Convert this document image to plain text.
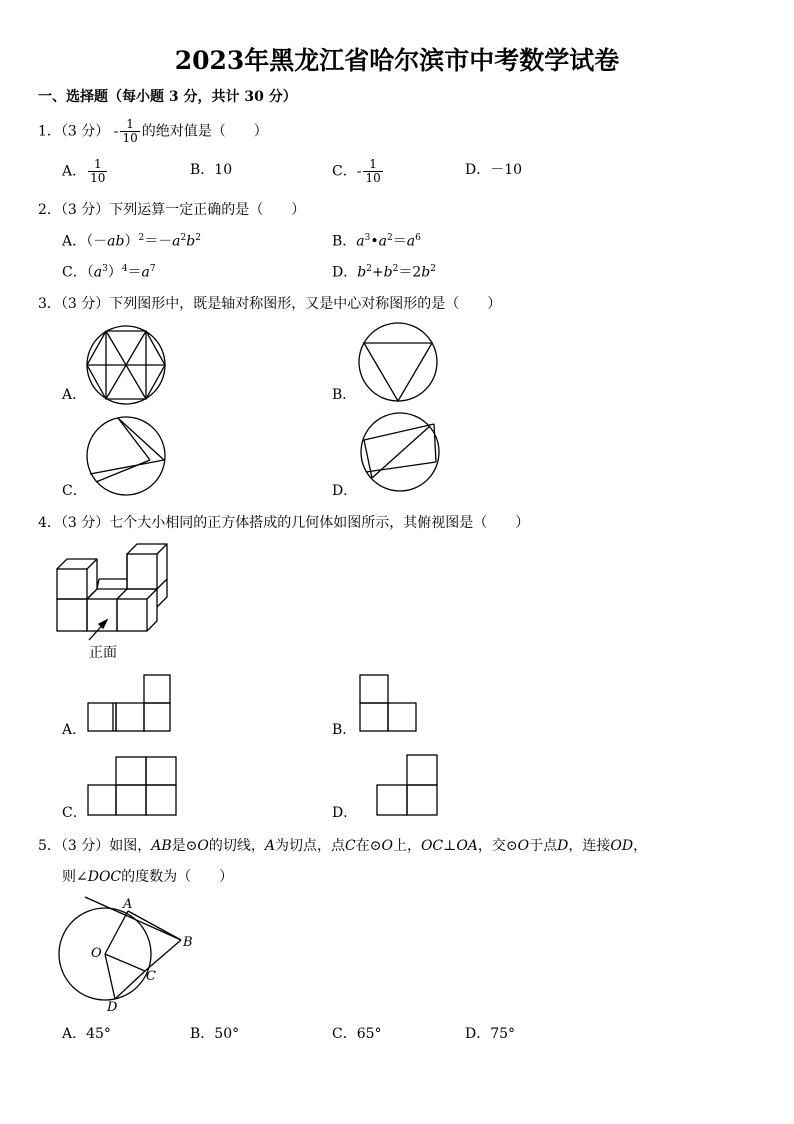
2023年黑龙江省哈尔滨市中考数学试卷
一、选择题（每小题 3 分，共计 30 分）
1．（3 分） - $\frac{1}{10}$ 的绝对值是（　　）
A． $\frac{1}{10}$	B．10	C．- $\frac{1}{10}$	D．－10
2．（3 分）下列运算一定正确的是（　　）
A．$(-ab)^2=-a^2b^2$	B．$a^3•a^2=a^6$
C．$(a^3)^4=a^7$	D．$b^2+b^2=2b^2$
3．（3 分）下列图形中，既是轴对称图形，又是中心对称图形的是（　　）
A．	B．
C．	D．
4．（3 分）七个大小相同的正方体搭成的几何体如图所示，其俯视图是（　　）
正面
A．	B．
C．	D．
5．（3 分）如图，AB是⊙O的切线，A为切点，点C在⊙O上，OC⊥OA，交⊙O于点D，连接OD，
则∠DOC的度数为（　　）
A
B
O
C
D
A．45°	B．50°	C．65°	D．75°
